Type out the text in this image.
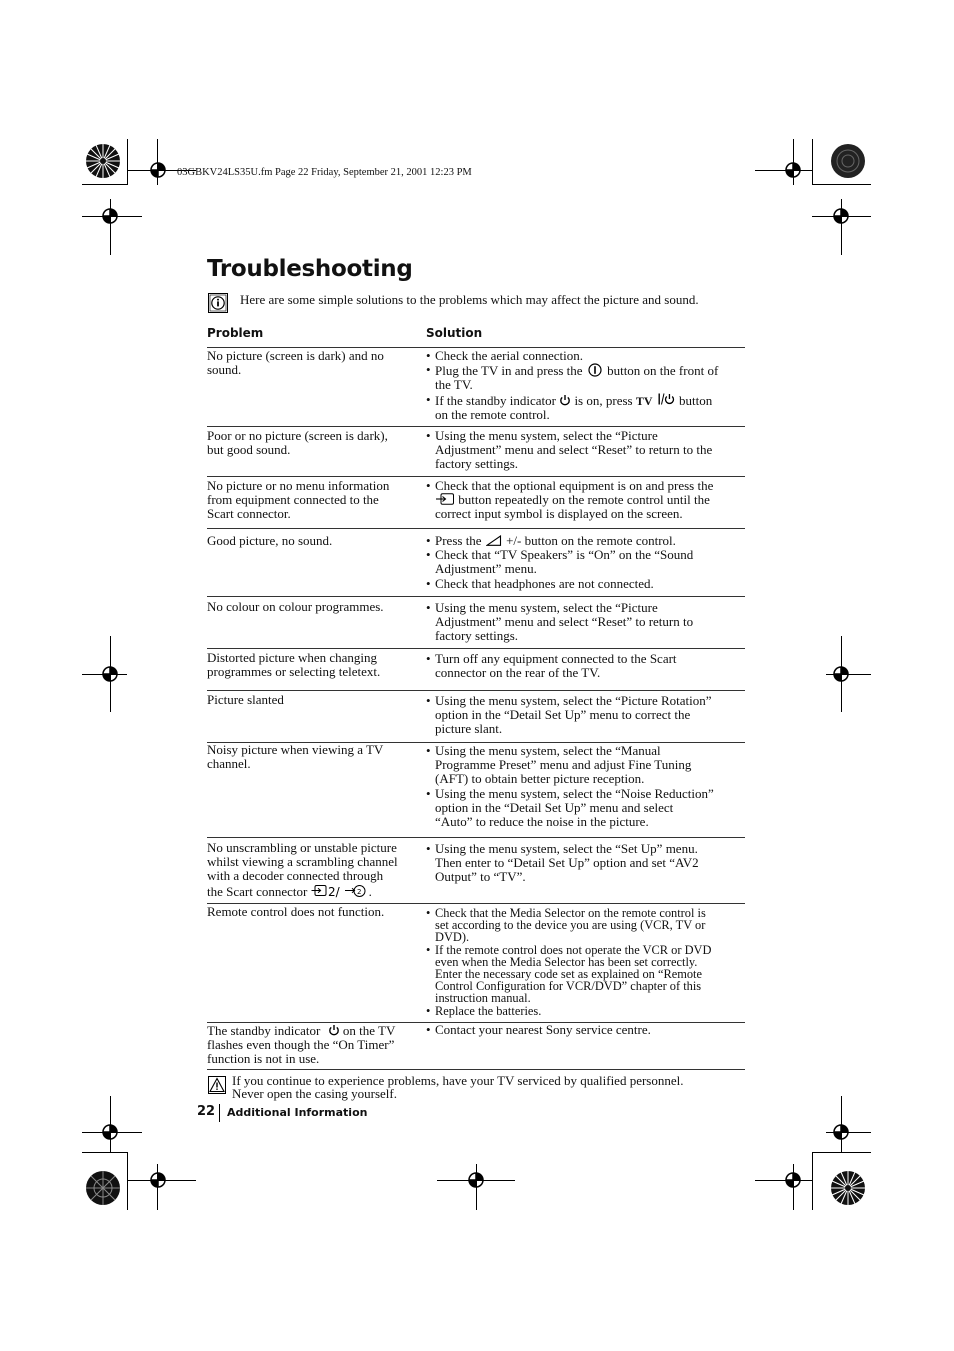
03GBKV24LS35U.fm Page 22 Friday, September 21, 2001 12:23 PM
Troubleshooting
Here are some simple solutions to the problems which may affect the picture and sound.
Problem	Solution
No picture (screen is dark) and no
sound.
• Check the aerial connection.
• Plug the TV in and press the  button on the front of
the TV.
• If the standby indicator  is on, press TV  button
on the remote control.
Poor or no picture (screen is dark),
but good sound.
• Using the menu system, select the “Picture
Adjustment” menu and select “Reset” to return to the
factory settings.
No picture or no menu information
from equipment connected to the
Scart connector.
• Check that the optional equipment is on and press the
button repeatedly on the remote control until the
correct input symbol is displayed on the screen.
Good picture, no sound.	• Press the  +/- button on the remote control.
• Check that “TV Speakers” is “On” on the “Sound
Adjustment” menu.
• Check that headphones are not connected.
No colour on colour programmes.	• Using the menu system, select the “Picture
Adjustment” menu and select “Reset” to return to
factory settings.
Distorted picture when changing
programmes or selecting teletext.
• Turn off any equipment connected to the Scart
connector on the rear of the TV.
Picture slanted	• Using the menu system, select the “Picture Rotation”
option in the “Detail Set Up” menu to correct the
picture slant.
Noisy picture when viewing a TV
channel.
• Using the menu system, select the “Manual
Programme Preset” menu and adjust Fine Tuning
(AFT) to obtain better picture reception.
• Using the menu system, select the “Noise Reduction”
option in the “Detail Set Up” menu and select
“Auto” to reduce the noise in the picture.
No unscrambling or unstable picture
whilst viewing a scrambling channel
with a decoder connected through
the Scart connector 2/ 2 .
• Using the menu system, select the “Set Up” menu.
Then enter to “Detail Set Up” option and set “AV2
Output” to “TV”.
Remote control does not function.	• Check that the Media Selector on the remote control is
set according to the device you are using (VCR, TV or
DVD).
• If the remote control does not operate the VCR or DVD
even when the Media Selector has been set correctly.
Enter the necessary code set as explained on “Remote
Control Configuration for VCR/DVD” chapter of this
instruction manual.
• Replace the batteries.
The standby indicator  on the TV
flashes even though the “On Timer”
function is not in use.
• Contact your nearest Sony service centre.
If you continue to experience problems, have your TV serviced by qualified personnel.
Never open the casing yourself.
22 Additional Information
